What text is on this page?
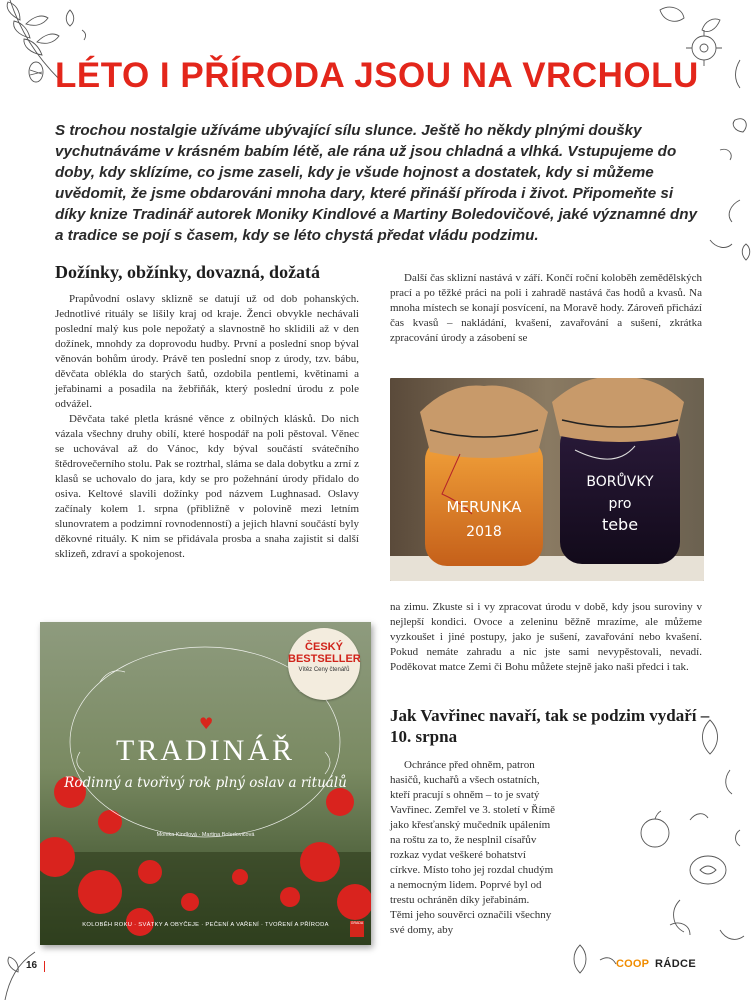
LÉTO I PŘÍRODA JSOU NA VRCHOLU

S trochou nostalgie užíváme ubývající sílu slunce. Ještě ho někdy plnými doušky vychutnáváme v krásném babím létě, ale rána už jsou chladná a vlhká. Vstupujeme do doby, kdy sklízíme, co jsme zaseli, kdy je všude hojnost a dostatek, kdy si můžeme uvědomit, že jsme obdarováni mnoha dary, které přináší příroda i život. Připomeňte si díky knize Tradinář autorek Moniky Kindlové a Martiny Boledovičové, jaké významné dny a tradice se pojí s časem, kdy se léto chystá předat vládu podzimu.

Dožínky, obžínky, dovazná, dožatá

Prapůvodní oslavy sklizně se datují už od dob pohanských. Jednotlivé rituály se lišily kraj od kraje. Ženci obvykle nechávali poslední malý kus pole nepožatý a slavnostně ho sklidili až v den dožínek, mnohdy za doprovodu hudby. První a poslední snop býval věnován bohům úrody. Právě ten poslední snop z úrody, tzv. bábu, děvčata oblékla do starých šatů, ozdobila pentlemi, květinami a jeřabinami a posadila na žebřiňák, který poslední úrodu z pole odvážel.

Děvčata také pletla krásné věnce z obilných klásků. Do nich vázala všechny druhy obilí, které hospodář na poli pěstoval. Věnec se uchovával až do Vánoc, kdy býval součástí svátečního štědrovečerního stolu. Pak se roztrhal, sláma se dala dobytku a zrní z klasů se uchovalo do jara, kdy se pro požehnání úrody přidalo do osiva. Keltové slavili dožínky pod názvem Lughnasad. Oslavy začínaly kolem 1. srpna (přibližně v polovině mezi letním slunovratem a podzimní rovnodenností) a jejich hlavní součástí byly děkovné rituály. K nim se přidávala prosba a snaha zajistit si další sklizeň, zdraví a spokojenost.

Další čas sklizní nastává v září. Končí roční koloběh zemědělských prací a po těžké práci na poli i zahradě nastává čas hodů a kvasů. Na mnoha místech se konají posvícení, na Moravě hody. Zároveň přichází čas kvasů – nakládání, kvašení, zavařování a sušení, zkrátka zpracování úrody a zásobení se

MERUNKA
2018
BORŮVKY
pro
tebe

na zimu. Zkuste si i vy zpracovat úrodu v době, kdy jsou suroviny v nejlepší kondici. Ovoce a zeleninu běžně mrazíme, ale můžeme vyzkoušet i jiné postupy, jako je sušení, zavařování nebo kvašení. Pokud nemáte zahradu a nic jste sami nevypěstovali, nevadí. Poděkovat matce Zemi či Bohu můžete stejně jako naši předci i tak.

Jak Vavřinec navaří, tak se podzim vydaří – 10. srpna

Ochránce před ohněm, patron hasičů, kuchařů a všech ostatních, kteří pracují s ohněm – to je svatý Vavřinec. Zemřel ve 3. století v Římě jako křesťanský mučedník upálením na roštu za to, že nesplnil císařův rozkaz vydat veškeré bohatství církve. Místo toho jej rozdal chudým a nemocným lidem. Poprvé byl od trestu ochráněn díky jeřabinám. Těmi jeho souvěrci označili všechny své domy, aby

ČESKÝ BESTSELLER
Vítěz Ceny čtenářů
♥

TRADINÁŘ

Rodinný a tvořivý rok plný oslav a rituálů

Monika Kindlová · Martina Boledovičová

KOLOBĚH ROKU · SVÁTKY A OBYČEJE · PEČENÍ A VAŘENÍ · TVOŘENÍ A PŘÍRODA	GRADA
16	COOP RÁDCE
